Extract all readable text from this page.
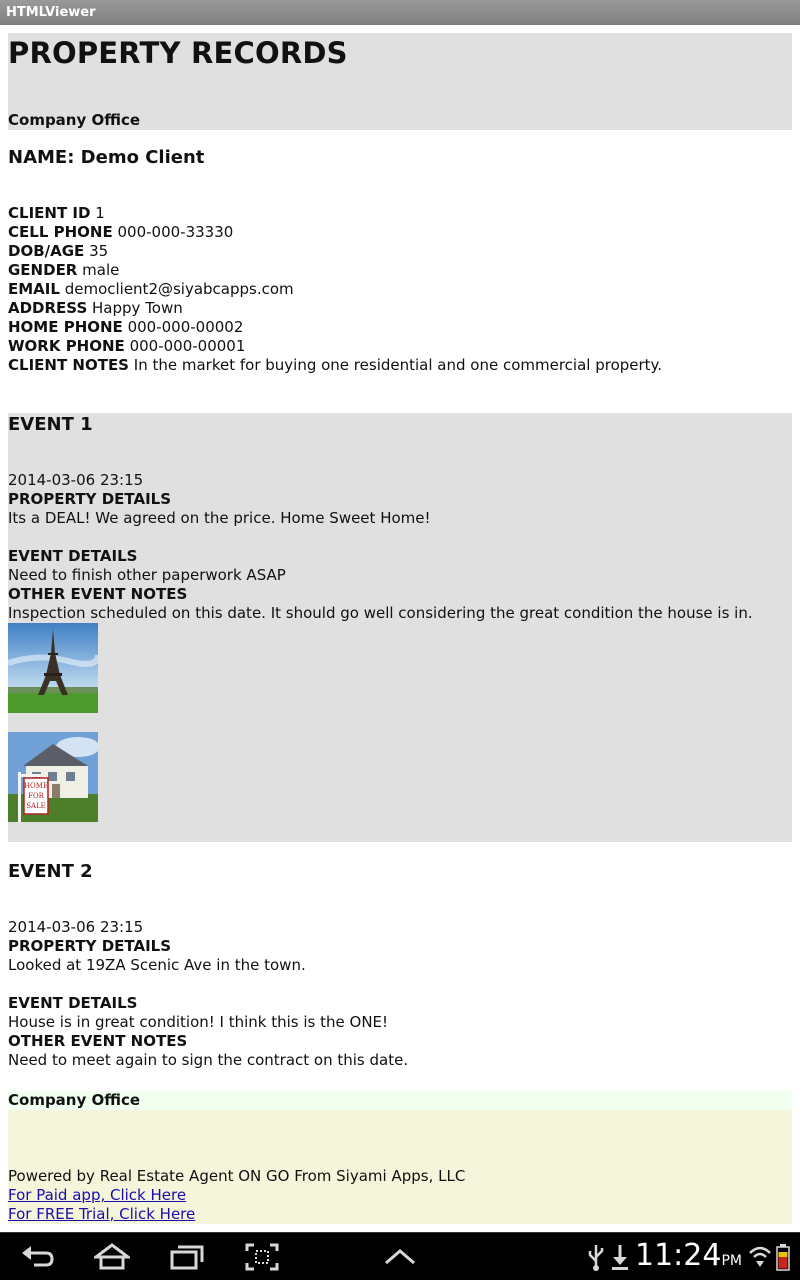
HTMLViewer
PROPERTY RECORDS
Company Office
NAME: Demo Client
CLIENT ID 1
CELL PHONE 000-000-33330
DOB/AGE 35
GENDER male
EMAIL democlient2@siyabcapps.com
ADDRESS Happy Town
HOME PHONE 000-000-00002
WORK PHONE 000-000-00001
CLIENT NOTES In the market for buying one residential and one commercial property.
EVENT 1
2014-03-06 23:15
PROPERTY DETAILS
Its a DEAL! We agreed on the price. Home Sweet Home!
EVENT DETAILS
Need to finish other paperwork ASAP
OTHER EVENT NOTES
Inspection scheduled on this date. It should go well considering the great condition the house is in.
HOME
FOR
SALE
EVENT 2
2014-03-06 23:15
PROPERTY DETAILS
Looked at 19ZA Scenic Ave in the town.
EVENT DETAILS
House is in great condition! I think this is the ONE!
OTHER EVENT NOTES
Need to meet again to sign the contract on this date.
Company Office
Powered by Real Estate Agent ON GO From Siyami Apps, LLC
For Paid app, Click Here
For FREE Trial, Click Here
11:24PM
